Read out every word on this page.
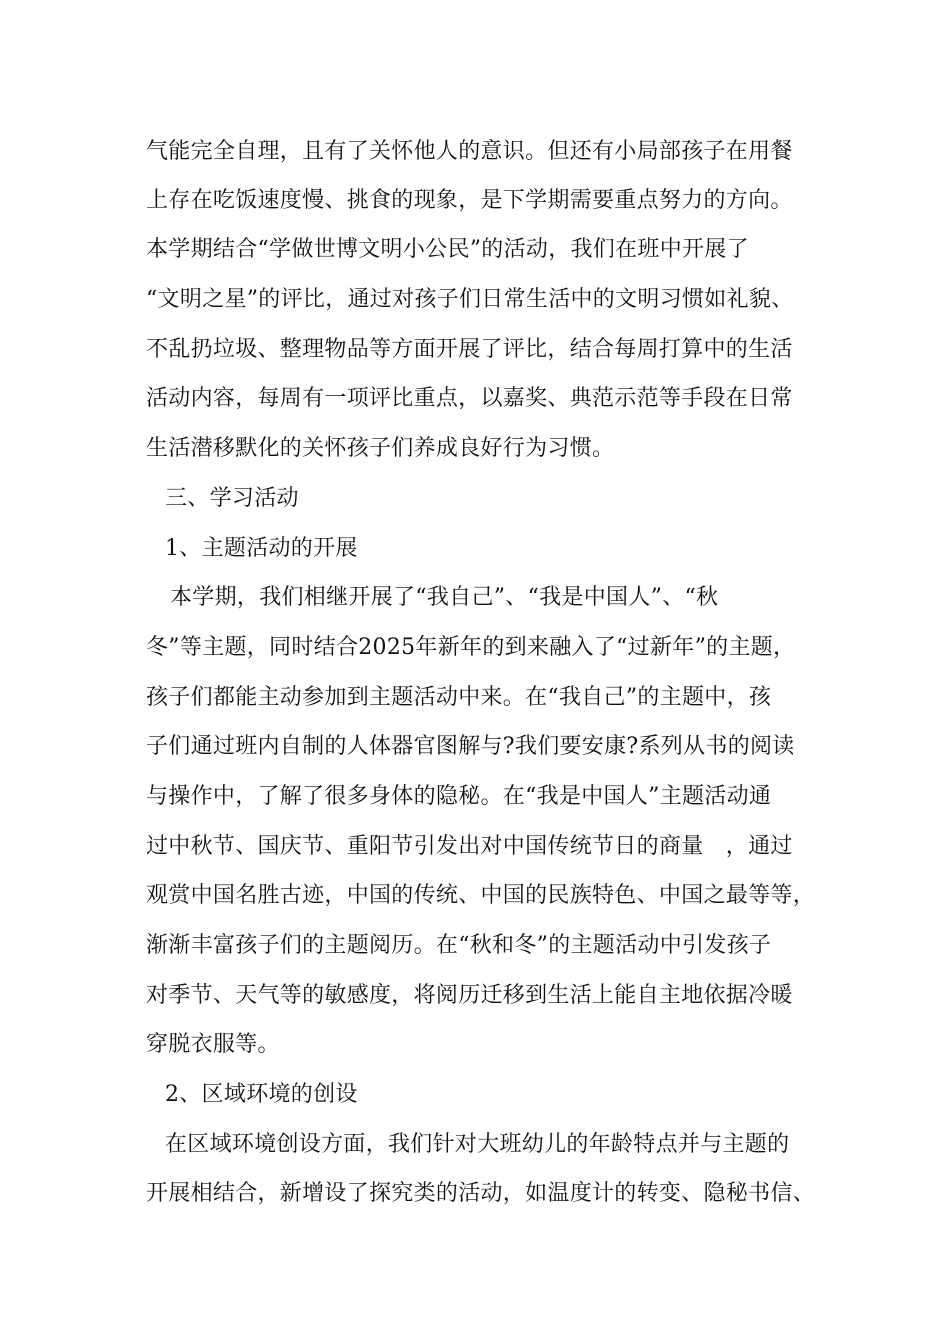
气能完全自理，且有了关怀他人的意识。但还有小局部孩子在用餐
上存在吃饭速度慢、挑食的现象，是下学期需要重点努力的方向。
本学期结合“学做世博文明小公民”的活动，我们在班中开展了
“文明之星”的评比，通过对孩子们日常生活中的文明习惯如礼貌、
不乱扔垃圾、整理物品等方面开展了评比，结合每周打算中的生活
活动内容，每周有一项评比重点，以嘉奖、典范示范等手段在日常
生活潜移默化的关怀孩子们养成良好行为习惯。
三、学习活动
1、主题活动的开展
本学期，我们相继开展了“我自己”、“我是中国人”、“秋
冬”等主题，同时结合2025年新年的到来融入了“过新年”的主题，
孩子们都能主动参加到主题活动中来。在“我自己”的主题中，孩
子们通过班内自制的人体器官图解与?我们要安康?系列从书的阅读
与操作中，了解了很多身体的隐秘。在“我是中国人”主题活动通
过中秋节、国庆节、重阳节引发出对中国传统节日的商量　，通过
观赏中国名胜古迹，中国的传统、中国的民族特色、中国之最等等，
渐渐丰富孩子们的主题阅历。在“秋和冬”的主题活动中引发孩子
对季节、天气等的敏感度，将阅历迁移到生活上能自主地依据冷暖
穿脱衣服等。
2、区域环境的创设
在区域环境创设方面，我们针对大班幼儿的年龄特点并与主题的
开展相结合，新增设了探究类的活动，如温度计的转变、隐秘书信、
